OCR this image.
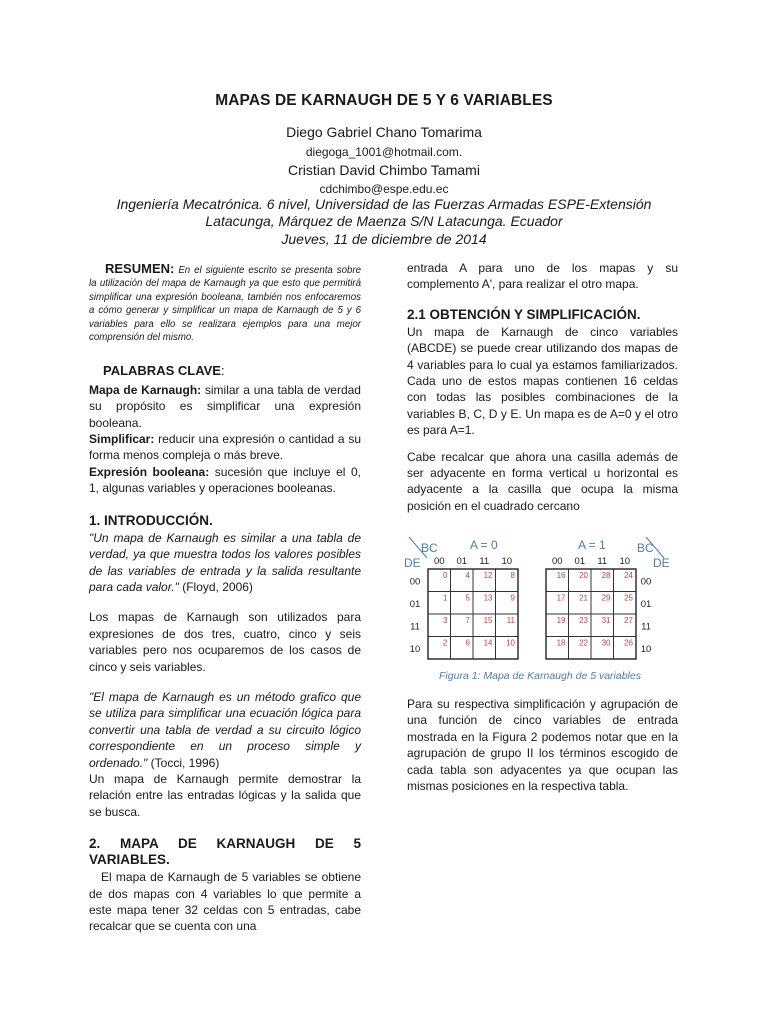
MAPAS DE KARNAUGH DE 5 Y 6 VARIABLES
Diego Gabriel Chano Tomarima
diegoga_1001@hotmail.com.
Cristian David Chimbo Tamami
cdchimbo@espe.edu.ec
Ingeniería Mecatrónica. 6 nivel, Universidad de las Fuerzas Armadas ESPE-Extensión
Latacunga, Márquez de Maenza S/N Latacunga. Ecuador
Jueves, 11 de diciembre de 2014

RESUMEN: En el siguiente escrito se presenta sobre la utilización del mapa de Karnaugh ya que esto que permitirá simplificar una expresión booleana, también nos enfocaremos a cómo generar y simplificar un mapa de Karnaugh de 5 y 6 variables para ello se realizara ejemplos para una mejor comprensión del mismo.

PALABRAS CLAVE:

Mapa de Karnaugh: similar a una tabla de verdad su propósito es simplificar una expresión booleana.

Simplificar: reducir una expresión o cantidad a su forma menos compleja o más breve.

Expresión booleana: sucesión que incluye el 0, 1, algunas variables y operaciones booleanas.

1. INTRODUCCIÓN.

"Un mapa de Karnaugh es similar a una tabla de verdad, ya que muestra todos los valores posibles de las variables de entrada y la salida resultante para cada valor." (Floyd, 2006)

Los mapas de Karnaugh son utilizados para expresiones de dos tres, cuatro, cinco y seis variables pero nos ocuparemos de los casos de cinco y seis variables.

"El mapa de Karnaugh es un método grafico que se utiliza para simplificar una ecuación lógica para convertir una tabla de verdad a su circuito lógico correspondiente en un proceso simple y ordenado." (Tocci, 1996)

Un mapa de Karnaugh permite demostrar la relación entre las entradas lógicas y la salida que se busca.

2. MAPA DE KARNAUGH DE 5 VARIABLES.

El mapa de Karnaugh de 5 variables se obtiene de dos mapas con 4 variables lo que permite a este mapa tener 32 celdas con 5 entradas, cabe recalcar que se cuenta con una

entrada A para uno de los mapas y su complemento A', para realizar el otro mapa.

2.1 OBTENCIÓN Y SIMPLIFICACIÓN.

Un mapa de Karnaugh de cinco variables (ABCDE) se puede crear utilizando dos mapas de 4 variables para lo cual ya estamos familiarizados. Cada uno de estos mapas contienen 16 celdas con todas las posibles combinaciones de la variables B, C, D y E. Un mapa es de A=0 y el otro es para A=1.

Cabe recalcar que ahora una casilla además de ser adyacente en forma vertical u horizontal es adyacente a la casilla que ocupa la misma posición en el cuadrado cercano

BC
DE
A = 0	A = 1	BC
DE
00 01 11 10
00
01
11
10
0 4 12 8
1 5 13 9
3 7 15 11
2 6 14 10
00 01 11 10
00
01
11
10
16 20 28 24
17 21 29 25
19 23 31 27
18 22 30 26
Figura 1: Mapa de Karnaugh de 5 variables

Para su respectiva simplificación y agrupación de una función de cinco variables de entrada mostrada en la Figura 2 podemos notar que en la agrupación de grupo II los términos escogido de cada tabla son adyacentes ya que ocupan las mismas posiciones en la respectiva tabla.
